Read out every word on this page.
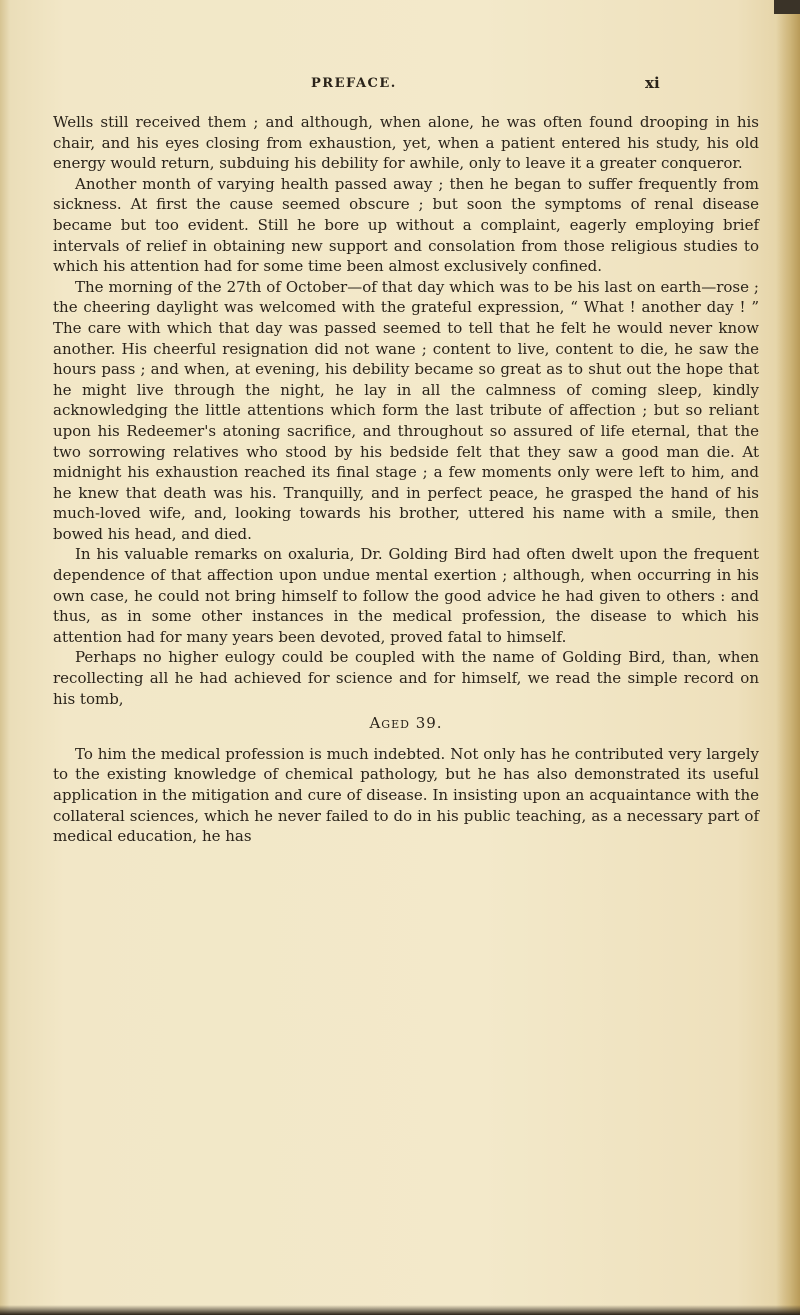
PREFACE.	xi

Wells still received them ; and although, when alone, he was often found drooping in his chair, and his eyes closing from exhaustion, yet, when a patient entered his study, his old energy would return, subduing his debility for awhile, only to leave it a greater conqueror.

Another month of varying health passed away ; then he began to suffer frequently from sickness. At first the cause seemed obscure ; but soon the symptoms of renal disease became but too evident. Still he bore up without a complaint, eagerly employing brief intervals of relief in obtaining new support and consolation from those religious studies to which his attention had for some time been almost exclusively confined.

The morning of the 27th of October—of that day which was to be his last on earth—rose ; the cheering daylight was welcomed with the grateful expression, “ What ! another day ! ” The care with which that day was passed seemed to tell that he felt he would never know another. His cheerful resignation did not wane ; content to live, content to die, he saw the hours pass ; and when, at evening, his debility became so great as to shut out the hope that he might live through the night, he lay in all the calmness of coming sleep, kindly acknowledging the little attentions which form the last tribute of affection ; but so reliant upon his Redeemer's atoning sacrifice, and throughout so assured of life eternal, that the two sorrowing relatives who stood by his bedside felt that they saw a good man die. At midnight his exhaustion reached its final stage ; a few moments only were left to him, and he knew that death was his. Tranquilly, and in perfect peace, he grasped the hand of his much-loved wife, and, looking towards his brother, uttered his name with a smile, then bowed his head, and died.

In his valuable remarks on oxaluria, Dr. Golding Bird had often dwelt upon the frequent dependence of that affection upon undue mental exertion ; although, when occurring in his own case, he could not bring himself to follow the good advice he had given to others : and thus, as in some other instances in the medical profession, the disease to which his attention had for many years been devoted, proved fatal to himself.

Perhaps no higher eulogy could be coupled with the name of Golding Bird, than, when recollecting all he had achieved for science and for himself, we read the simple record on his tomb,

Aged 39.

To him the medical profession is much indebted. Not only has he contributed very largely to the existing knowledge of chemical pathology, but he has also demonstrated its useful application in the mitigation and cure of disease. In insisting upon an acquaintance with the collateral sciences, which he never failed to do in his public teaching, as a necessary part of medical education, he has
